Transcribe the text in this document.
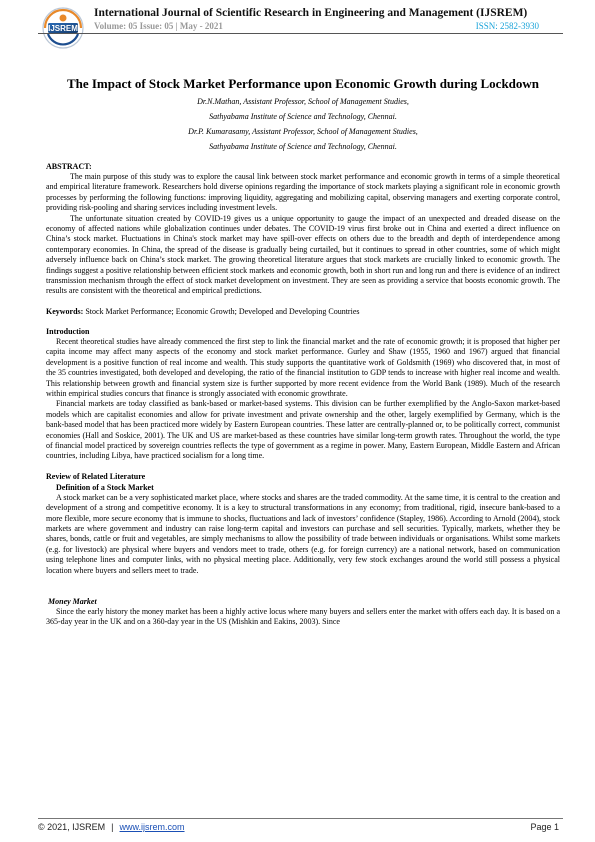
IJSREM
International Journal of Scientific Research in Engineering and Management (IJSREM)
Volume: 05 Issue: 05 | May - 2021	ISSN: 2582-3930
The Impact of Stock Market Performance upon Economic Growth during Lockdown
Dr.N.Mathan, Assistant Professor, School of Management Studies,
Sathyabama Institute of Science and Technology, Chennai.
Dr.P. Kumarasamy, Assistant Professor, School of Management Studies,
Sathyabama Institute of Science and Technology, Chennai.
ABSTRACT:

The main purpose of this study was to explore the causal link between stock market performance and economic growth in terms of a simple theoretical and empirical literature framework. Researchers hold diverse opinions regarding the importance of stock markets playing a significant role in economic growth processes by performing the following functions: improving liquidity, aggregating and mobilizing capital, observing managers and exerting corporate control, providing risk-pooling and sharing services including investment levels.

The unfortunate situation created by COVID-19 gives us a unique opportunity to gauge the impact of an unexpected and dreaded disease on the economy of affected nations while globalization continues under debates. The COVID-19 virus first broke out in China and exerted a direct influence on China’s stock market. Fluctuations in China's stock market may have spill-over effects on others due to the breadth and depth of interdependence among contemporary economies. In China, the spread of the disease is gradually being curtailed, but it continues to spread in other countries, some of which might adversely influence back on China’s stock market. The growing theoretical literature argues that stock markets are crucially linked to economic growth. The findings suggest a positive relationship between efficient stock markets and economic growth, both in short run and long run and there is evidence of an indirect transmission mechanism through the effect of stock market development on investment. They are seen as providing a service that boosts economic growth. The results are consistent with the theoretical and empirical predictions.

Keywords: Stock Market Performance; Economic Growth; Developed and Developing Countries
Introduction

Recent theoretical studies have already commenced the first step to link the financial market and the rate of economic growth; it is proposed that higher per capita income may affect many aspects of the economy and stock market performance. Gurley and Shaw (1955, 1960 and 1967) argued that financial development is a positive function of real income and wealth. This study supports the quantitative work of Goldsmith (1969) who discovered that, in most of the 35 countries investigated, both developed and developing, the ratio of the financial institution to GDP tends to increase with higher real income and wealth. This relationship between growth and financial system size is further supported by more recent evidence from the World Bank (1989). Much of the research within empirical studies concurs that finance is strongly associated with economic growthrate.

Financial markets are today classified as bank-based or market-based systems. This division can be further exemplified by the Anglo-Saxon market-based models which are capitalist economies and allow for private investment and private ownership and the other, largely exemplified by Germany, which is the bank-based model that has been practiced more widely by Eastern European countries. These latter are centrally-planned or, to be politically correct, communist economies (Hall and Soskice, 2001). The UK and US are market-based as these countries have similar long-term growth rates. Throughout the world, the type of financial model practiced by sovereign countries reflects the type of government as a regime in power. Many, Eastern European, Middle Eastern and African countries, including Libya, have practiced socialism for a long time.

Review of Related Literature
Definition of a Stock Market

A stock market can be a very sophisticated market place, where stocks and shares are the traded commodity. At the same time, it is central to the creation and development of a strong and competitive economy. It is a key to structural transformations in any economy; from traditional, rigid, insecure bank-based to a more flexible, more secure economy that is immune to shocks, fluctuations and lack of investors’ confidence (Stapley, 1986). According to Arnold (2004), stock markets are where government and industry can raise long-term capital and investors can purchase and sell securities. Typically, markets, whether they be shares, bonds, cattle or fruit and vegetables, are simply mechanisms to allow the possibility of trade between individuals or organisations. Whilst some markets (e.g. for livestock) are physical where buyers and vendors meet to trade, others (e.g. for foreign currency) are a national network, based on communication using telephone lines and computer links, with no physical meeting place. Additionally, very few stock exchanges around the world still possess a physical location where buyers and sellers meet to trade.

Money Market

Since the early history the money market has been a highly active locus where many buyers and sellers enter the market with offers each day. It is based on a 365-day year in the UK and on a 360-day year in the US (Mishkin and Eakins, 2003). Since

© 2021, IJSREM | www.ijsrem.com	Page 1
